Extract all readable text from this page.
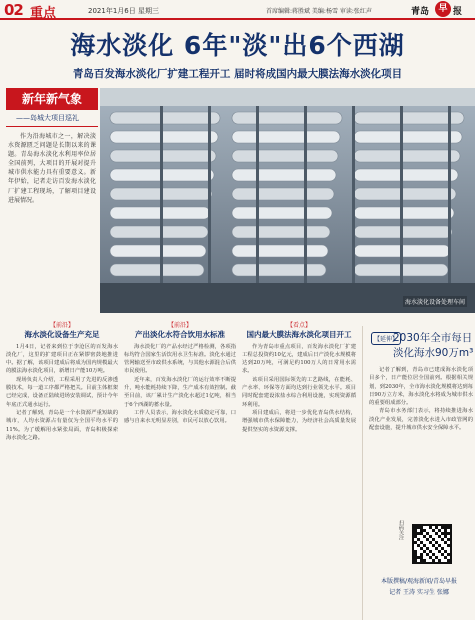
02 重点	2021年1月6日 星期三	首席编辑:蒋胜斌 美编:杨雪 审读:张红声	青岛	早 报
海水淡化 6年"淡"出6个西湖
青岛百发海水淡化厂扩建工程开工 届时将成国内最大膜法海水淡化项目
新年新气象
——岛城大项目巡礼
作为沿海城市之一，解决淡水资源匮乏问题是长期以来的课题。青岛海水淡化水利用率位居全国前列，大项目的开展对提升城市供水能力具有重要意义。新年伊始，记者走访百发海水淡化厂扩建工程现场，了解项目建设进展情况。
海水淡化设备处理车间
【前沿】
海水淡化设备生产充足

1月4日，记者来到位于李沧区的百发海水淡化厂，这里的扩建项目正在紧锣密鼓地推进中。据了解，该项目建成后将成为国内规模最大的膜法海水淡化项目，新增日产能10万吨。

现场负责人介绍，工程采用了先进的反渗透膜技术，每一道工序都严格把关。目前主体框架已经完成，设备正陆续进场安装调试，预计今年年底正式通水运行。

记者了解到，青岛是一个水资源严重短缺的城市，人均水资源占有量仅为全国平均水平的11%。为了缓解用水紧张局面，青岛积极探索海水淡化之路。

【前沿】
产出淡化水符合饮用水标准

海水淡化厂的产品水经过严格检测，各项指标均符合国家生活饮用水卫生标准。淡化水通过管网输送至市政供水系统，与其他水源混合后供市民使用。

近年来，百发海水淡化厂的运行效率不断提升，吨水能耗持续下降，生产成本有效控制。截至目前，该厂累计生产淡化水超过1亿吨，相当于6个西湖的蓄水量。

工作人员表示，海水淡化水质稳定可靠，口感与自来水无明显差别，市民可以放心饮用。

【看点】
国内最大膜法海水淡化项目开工

作为青岛市重点项目，百发海水淡化厂扩建工程总投资约10亿元，建成后日产淡化水规模将达到20万吨，可满足约100万人的日常用水需求。

该项目采用国际领先的工艺路线，在能耗、产水率、环保等方面均达到行业领先水平。项目同时配套建设浓盐水综合利用设施，实现资源循环利用。

项目建成后，将进一步优化青岛供水结构，增强城市供水保障能力，为经济社会高质量发展提供坚实的水资源支撑。

【延伸】
2030年全市每日
淡化海水90万m³

记者了解到，青岛市已建成海水淡化项目多个，日产能位居全国前列。根据相关规划，到2030年，全市海水淡化规模将达到每日90万立方米，海水淡化水将成为城市供水的重要组成部分。

青岛市水务部门表示，将持续推进海水淡化产业发展，完善淡化水进入市政管网的配套设施，提升城市供水安全保障水平。

扫码关注
本版撰稿/观海新闻/青岛早报
记者 王涛 实习生 张娜
